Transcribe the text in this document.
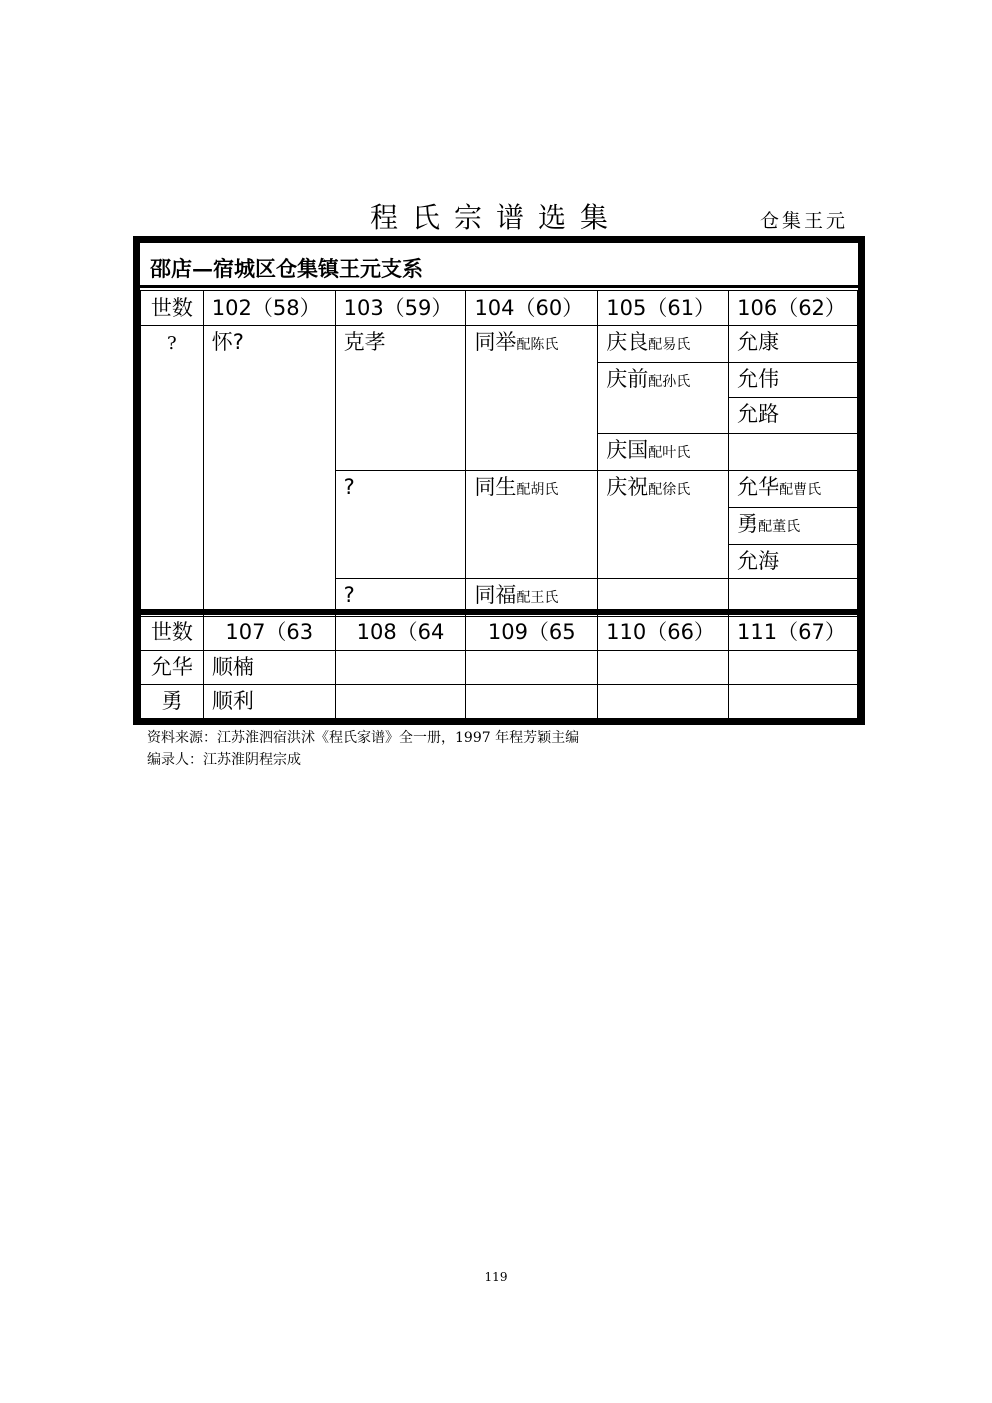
程氏宗谱选集	仓集王元
邵店—宿城区仓集镇王元支系
世数	102（58）	103（59）	104（60）	105（61）	106（62）
?	怀?	克孝	同举配陈氏	庆良配易氏	允康
				庆前配孙氏	允伟
					允路
				庆国配叶氏	
		?	同生配胡氏	庆祝配徐氏	允华配曹氏
					勇配董氏
					允海
		?	同福配王氏		
世数	107（63	108（64	109（65	110（66）	111（67）
允华	顺楠				
勇	顺利				
资料来源：江苏淮泗宿洪沭《程氏家谱》全一册，1997 年程芳颖主编
编录人：江苏淮阴程宗成
119
